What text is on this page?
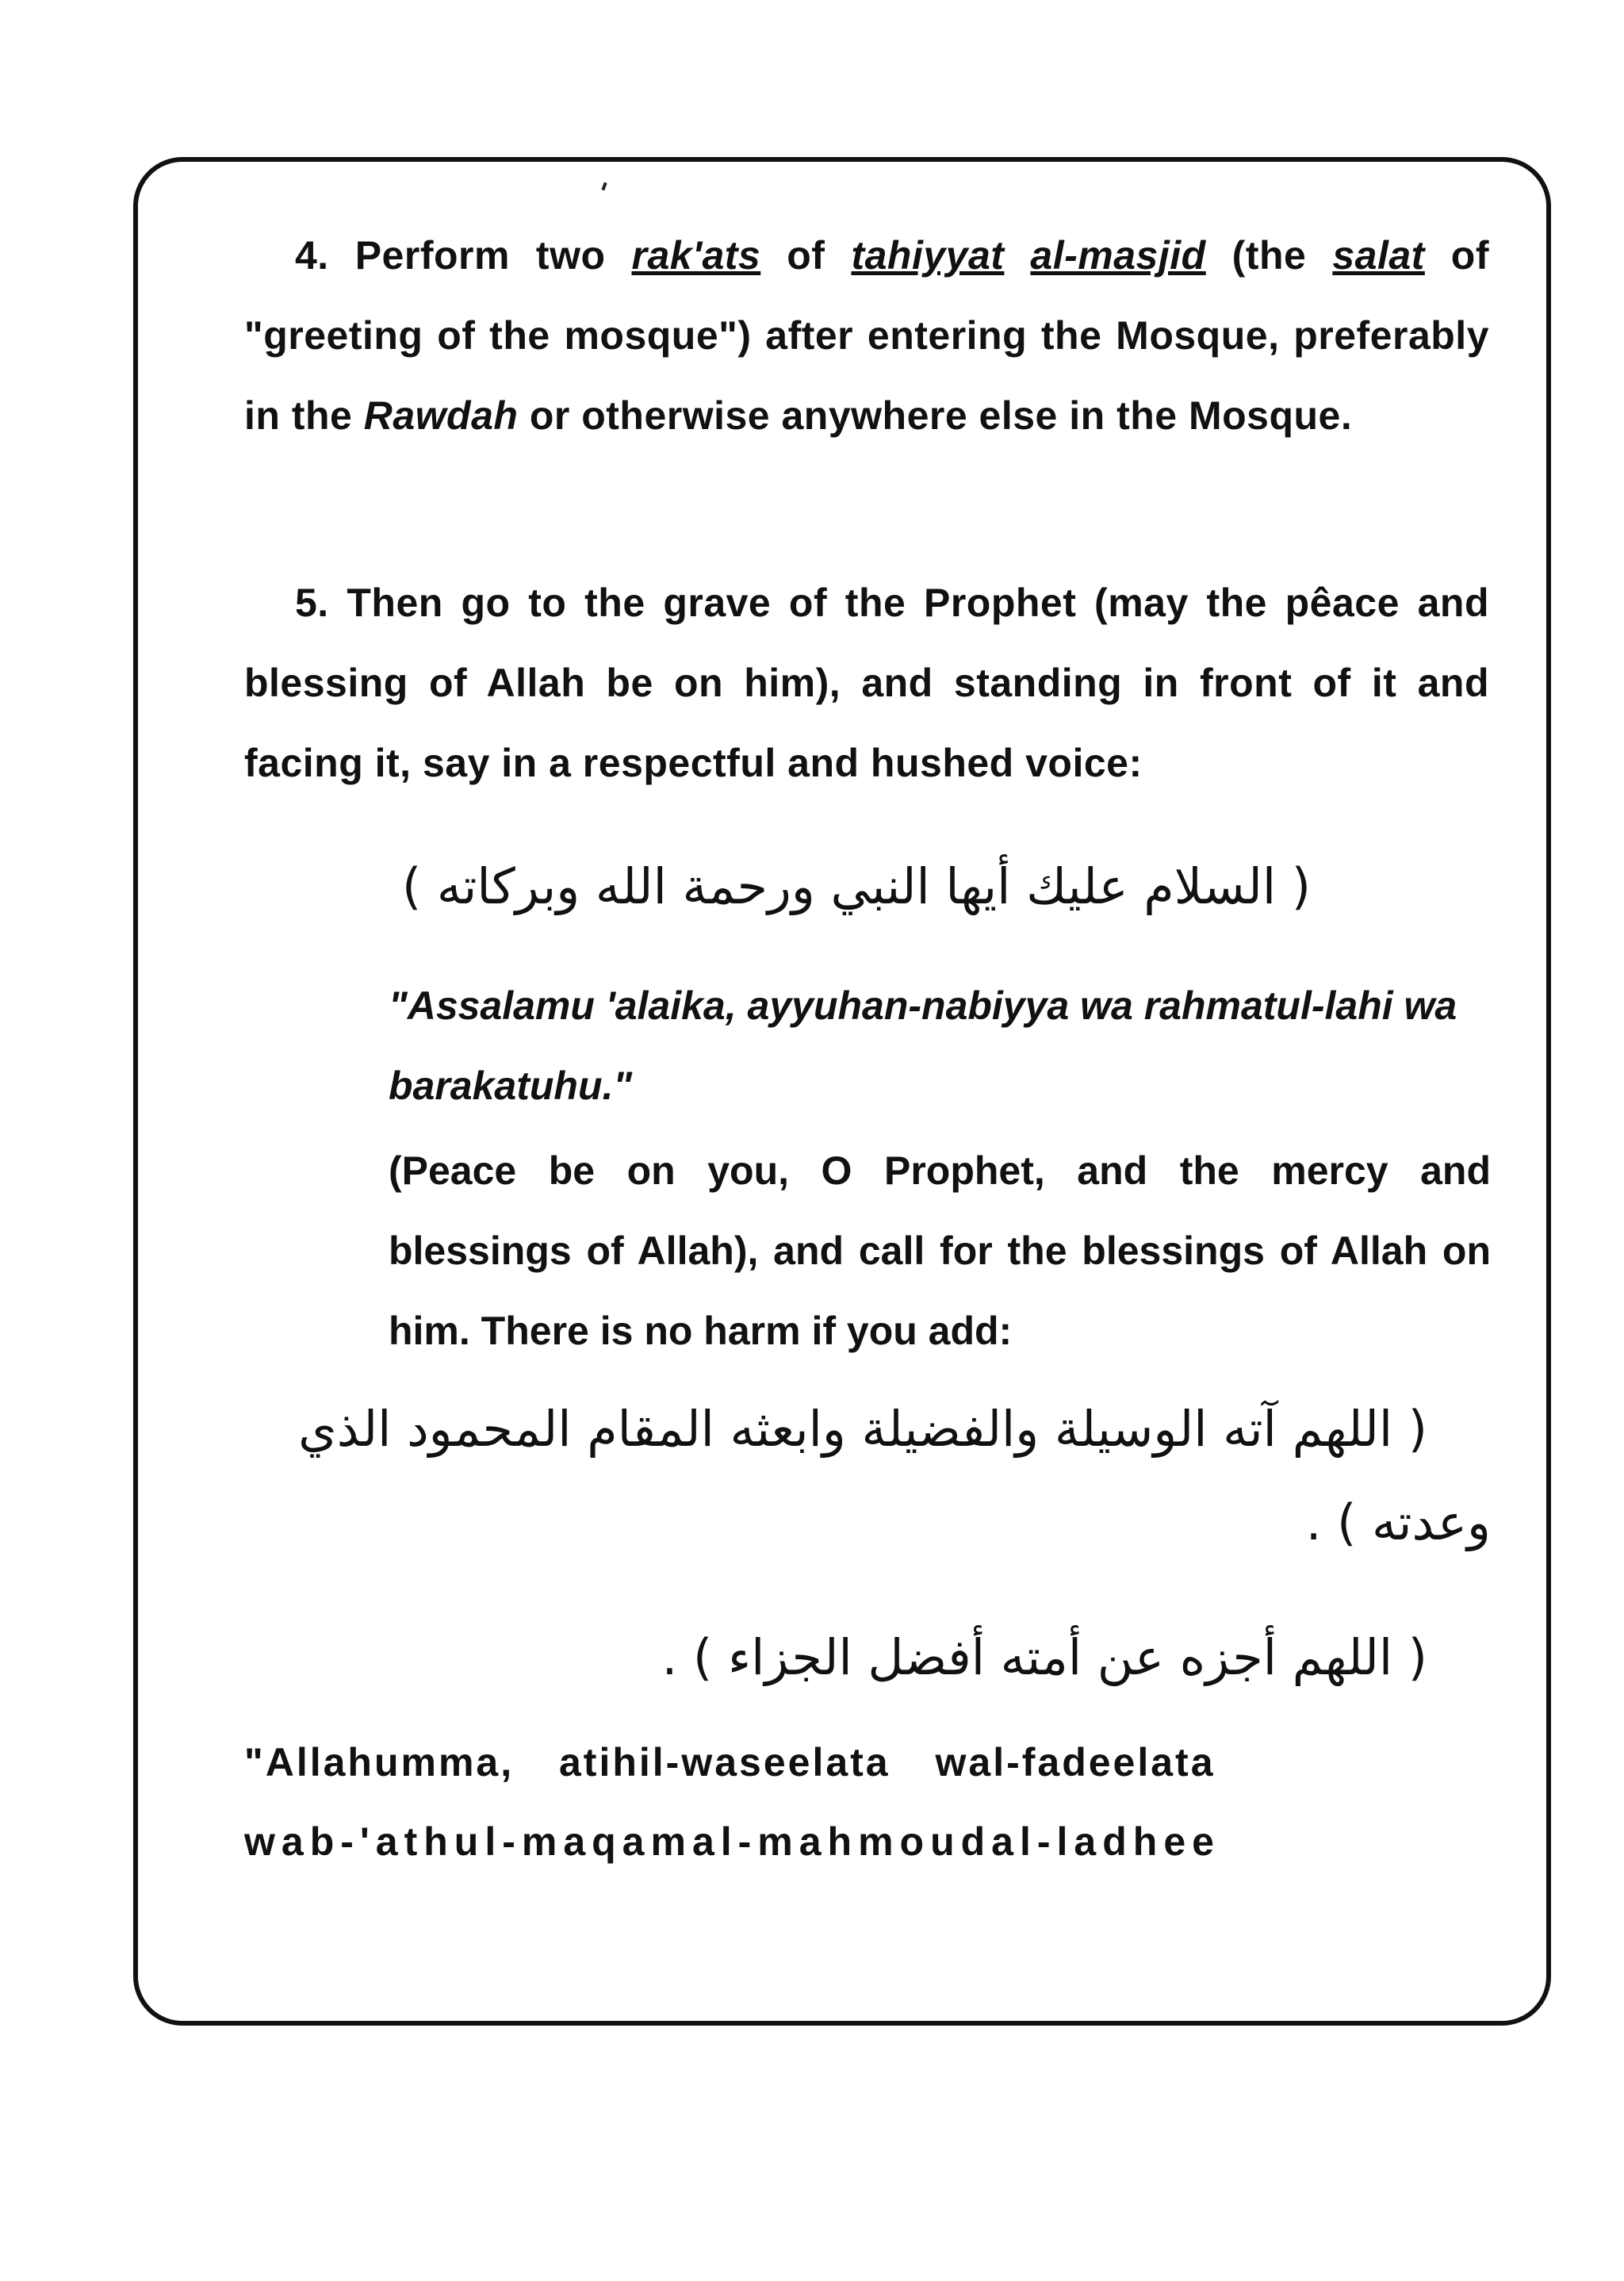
4. Perform two rak'ats of tahiyyat al-masjid (the salat of "greeting of the mosque") after entering the Mosque, preferably in the Rawdah or otherwise anywhere else in the Mosque.

5. Then go to the grave of the Prophet (may the pêace and blessing of Allah be on him), and standing in front of it and facing it, say in a respectful and hushed voice:

( السلام عليك أيها النبي ورحمة الله وبركاته )

"Assalamu 'alaika, ayyuhan-nabiyya wa rahmatul-lahi wa barakatuhu."

(Peace be on you, O Prophet, and the mercy and blessings of Allah), and call for the blessings of Allah on him. There is no harm if you add:

( اللهم آته الوسيلة والفضيلة وابعثه المقام المحمود الذي

وعدته ) .

( اللهم أجزه عن أمته أفضل الجزاء ) .

"Allahumma, atihil-waseelata wal-fadeelata

wab-'athul-maqamal-mahmoudal-ladhee
